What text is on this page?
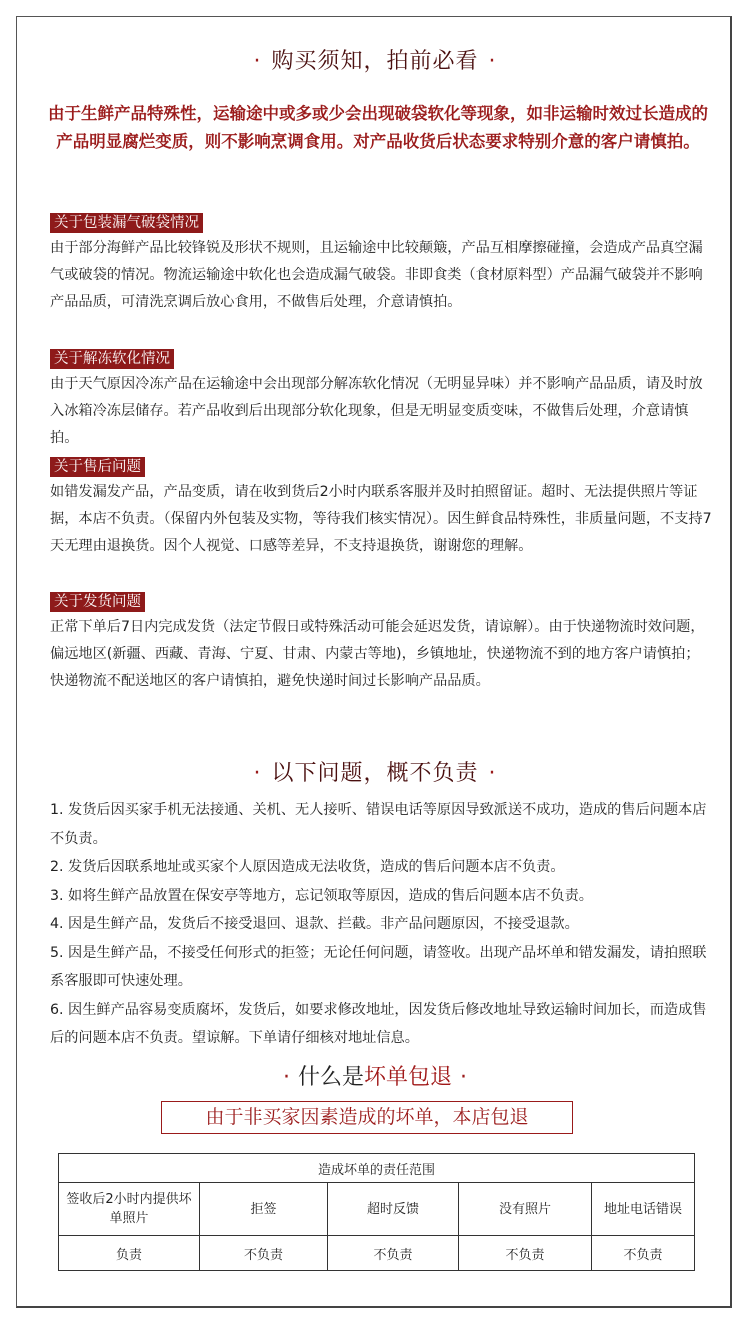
· 购买须知，拍前必看 ·
由于生鲜产品特殊性，运输途中或多或少会出现破袋软化等现象，如非运输时效过长造成的产品明显腐烂变质，则不影响烹调食用。对产品收货后状态要求特别介意的客户请慎拍。
关于包装漏气破袋情况
由于部分海鲜产品比较锋锐及形状不规则，且运输途中比较颠簸，产品互相摩擦碰撞，会造成产品真空漏气或破袋的情况。物流运输途中软化也会造成漏气破袋。非即食类（食材原料型）产品漏气破袋并不影响产品品质，可清洗烹调后放心食用，不做售后处理，介意请慎拍。
关于解冻软化情况
由于天气原因冷冻产品在运输途中会出现部分解冻软化情况（无明显异味）并不影响产品品质，请及时放入冰箱冷冻层储存。若产品收到后出现部分软化现象，但是无明显变质变味，不做售后处理，介意请慎拍。
关于售后问题
如错发漏发产品，产品变质，请在收到货后2小时内联系客服并及时拍照留证。超时、无法提供照片等证据，本店不负责。（保留内外包装及实物，等待我们核实情况）。因生鲜食品特殊性，非质量问题，不支持7天无理由退换货。因个人视觉、口感等差异，不支持退换货，谢谢您的理解。
关于发货问题
正常下单后7日内完成发货（法定节假日或特殊活动可能会延迟发货，请谅解）。由于快递物流时效问题，偏远地区(新疆、西藏、青海、宁夏、甘肃、内蒙古等地)，乡镇地址，快递物流不到的地方客户请慎拍；快递物流不配送地区的客户请慎拍，避免快递时间过长影响产品品质。
· 以下问题，概不负责 ·
1. 发货后因买家手机无法接通、关机、无人接听、错误电话等原因导致派送不成功，造成的售后问题本店不负责。
2. 发货后因联系地址或买家个人原因造成无法收货，造成的售后问题本店不负责。
3. 如将生鲜产品放置在保安亭等地方，忘记领取等原因，造成的售后问题本店不负责。
4. 因是生鲜产品，发货后不接受退回、退款、拦截。非产品问题原因，不接受退款。
5. 因是生鲜产品，不接受任何形式的拒签；无论任何问题，请签收。出现产品坏单和错发漏发，请拍照联系客服即可快速处理。
6. 因生鲜产品容易变质腐坏，发货后，如要求修改地址，因发货后修改地址导致运输时间加长，而造成售后的问题本店不负责。望谅解。下单请仔细核对地址信息。
· 什么是坏单包退 ·
由于非买家因素造成的坏单，本店包退
造成坏单的责任范围				
签收后2小时内提供坏单照片	拒签	超时反馈	没有照片	地址电话错误
负责	不负责	不负责	不负责	不负责
